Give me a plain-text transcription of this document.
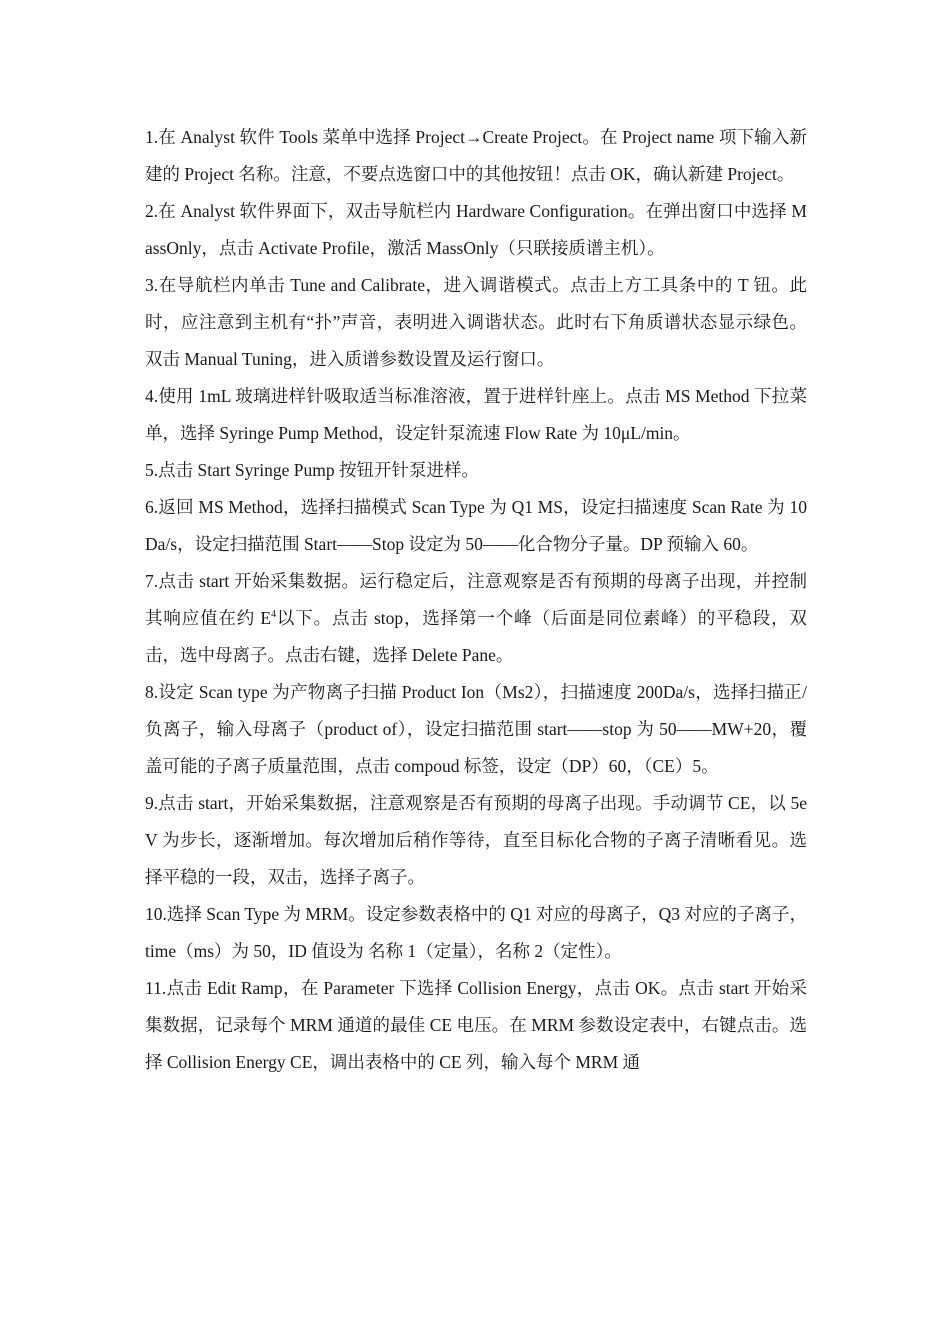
1.在 Analyst 软件 Tools 菜单中选择 Project→Create Project。在 Project name 项下输入新建的 Project 名称。注意，不要点选窗口中的其他按钮！点击 OK，确认新建 Project。

2.在 Analyst 软件界面下，双击导航栏内 Hardware Configuration。在弹出窗口中选择 MassOnly，点击 Activate Profile，激活 MassOnly（只联接质谱主机）。

3.在导航栏内单击 Tune and Calibrate，进入调谐模式。点击上方工具条中的 T 钮。此时，应注意到主机有“扑”声音，表明进入调谐状态。此时右下角质谱状态显示绿色。双击 Manual Tuning，进入质谱参数设置及运行窗口。

4.使用 1mL 玻璃进样针吸取适当标准溶液，置于进样针座上。点击 MS Method 下拉菜单，选择 Syringe Pump Method，设定针泵流速 Flow Rate 为 10μL/min。

5.点击 Start Syringe Pump 按钮开针泵进样。

6.返回 MS Method，选择扫描模式 Scan Type 为 Q1 MS，设定扫描速度 Scan Rate 为 10Da/s，设定扫描范围 Start——Stop 设定为 50——化合物分子量。DP 预输入 60。

7.点击 start 开始采集数据。运行稳定后，注意观察是否有预期的母离子出现，并控制其响应值在约 $E^4$以下。点击 stop，选择第一个峰（后面是同位素峰）的平稳段，双击，选中母离子。点击右键，选择 Delete Pane。

8.设定 Scan type 为产物离子扫描 Product Ion（Ms2），扫描速度 200Da/s，选择扫描正/负离子，输入母离子（product of），设定扫描范围 start——stop 为 50——MW+20，覆盖可能的子离子质量范围，点击 compoud 标签，设定（DP）60，（CE）5。

9.点击 start，开始采集数据，注意观察是否有预期的母离子出现。手动调节 CE，以 5eV 为步长，逐渐增加。每次增加后稍作等待，直至目标化合物的子离子清晰看见。选择平稳的一段，双击，选择子离子。

10.选择 Scan Type 为 MRM。设定参数表格中的 Q1 对应的母离子，Q3 对应的子离子，time（ms）为 50，ID 值设为 名称 1（定量），名称 2（定性）。

11.点击 Edit Ramp，在 Parameter 下选择 Collision Energy，点击 OK。点击 start 开始采集数据，记录每个 MRM 通道的最佳 CE 电压。在 MRM 参数设定表中，右键点击。选择 Collision Energy CE，调出表格中的 CE 列，输入每个 MRM 通
